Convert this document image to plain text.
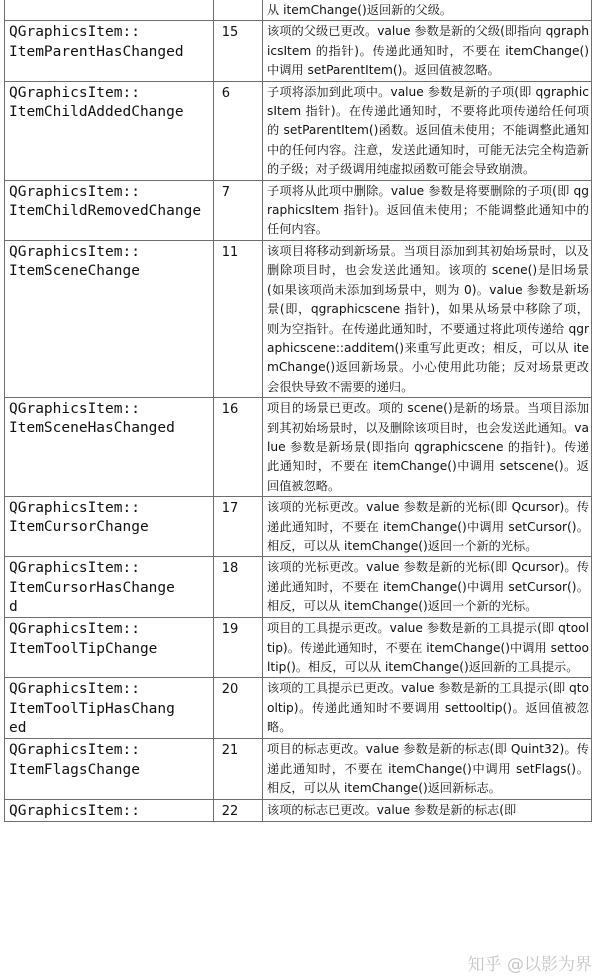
		从 itemChange()返回新的父级。

QGraphicsItem::
ItemParentHasChanged	15	该项的父级已更改。value 参数是新的父级(即指向 qgraphicsItem 的指针)。传递此通知时，不要在 itemChange()中调用 setParentItem()。返回值被忽略。

QGraphicsItem::
ItemChildAddedChange	6	子项将添加到此项中。value 参数是新的子项(即 qgraphicsItem 指针)。在传递此通知时，不要将此项传递给任何项的 setParentItem()函数。返回值未使用；不能调整此通知中的任何内容。注意，发送此通知时，可能无法完全构造新的子级；对子级调用纯虚拟函数可能会导致崩溃。

QGraphicsItem::
ItemChildRemovedChange	7	子项将从此项中删除。value 参数是将要删除的子项(即 qgraphicsItem 指针)。返回值未使用；不能调整此通知中的任何内容。

QGraphicsItem::
ItemSceneChange	11	该项目将移动到新场景。当项目添加到其初始场景时，以及删除项目时，也会发送此通知。该项的 scene()是旧场景(如果该项尚未添加到场景中，则为 0)。value 参数是新场景(即，qgraphicscene 指针)，如果从场景中移除了项，则为空指针。在传递此通知时，不要通过将此项传递给 qgraphicscene::additem()来重写此更改；相反，可以从 itemChange()返回新场景。小心使用此功能；反对场景更改会很快导致不需要的递归。

QGraphicsItem::
ItemSceneHasChanged	16	项目的场景已更改。项的 scene()是新的场景。当项目添加到其初始场景时，以及删除该项目时，也会发送此通知。value 参数是新场景(即指向 qgraphicscene 的指针)。传递此通知时，不要在 itemChange()中调用 setscene()。返回值被忽略。

QGraphicsItem::
ItemCursorChange	17	该项的光标更改。value 参数是新的光标(即 Qcursor)。传递此通知时，不要在 itemChange()中调用 setCursor()。相反，可以从 itemChange()返回一个新的光标。

QGraphicsItem::
ItemCursorHasChange
d	18	该项的光标更改。value 参数是新的光标(即 Qcursor)。传递此通知时，不要在 itemChange()中调用 setCursor()。相反，可以从 itemChange()返回一个新的光标。

QGraphicsItem::
ItemToolTipChange	19	项目的工具提示更改。value 参数是新的工具提示(即 qtooltip)。传递此通知时，不要在 itemChange()中调用 settooltip()。相反，可以从 itemChange()返回新的工具提示。

QGraphicsItem::
ItemToolTipHasChang
ed	20	该项的工具提示已更改。value 参数是新的工具提示(即 qtooltip)。传递此通知时不要调用 settooltip()。返回值被忽略。

QGraphicsItem::
ItemFlagsChange	21	项目的标志更改。value 参数是新的标志(即 Quint32)。传递此通知时，不要在 itemChange()中调用 setFlags()。相反，可以从 itemChange()返回新标志。

QGraphicsItem::	22	该项的标志已更改。value 参数是新的标志(即
知乎 @以影为界
